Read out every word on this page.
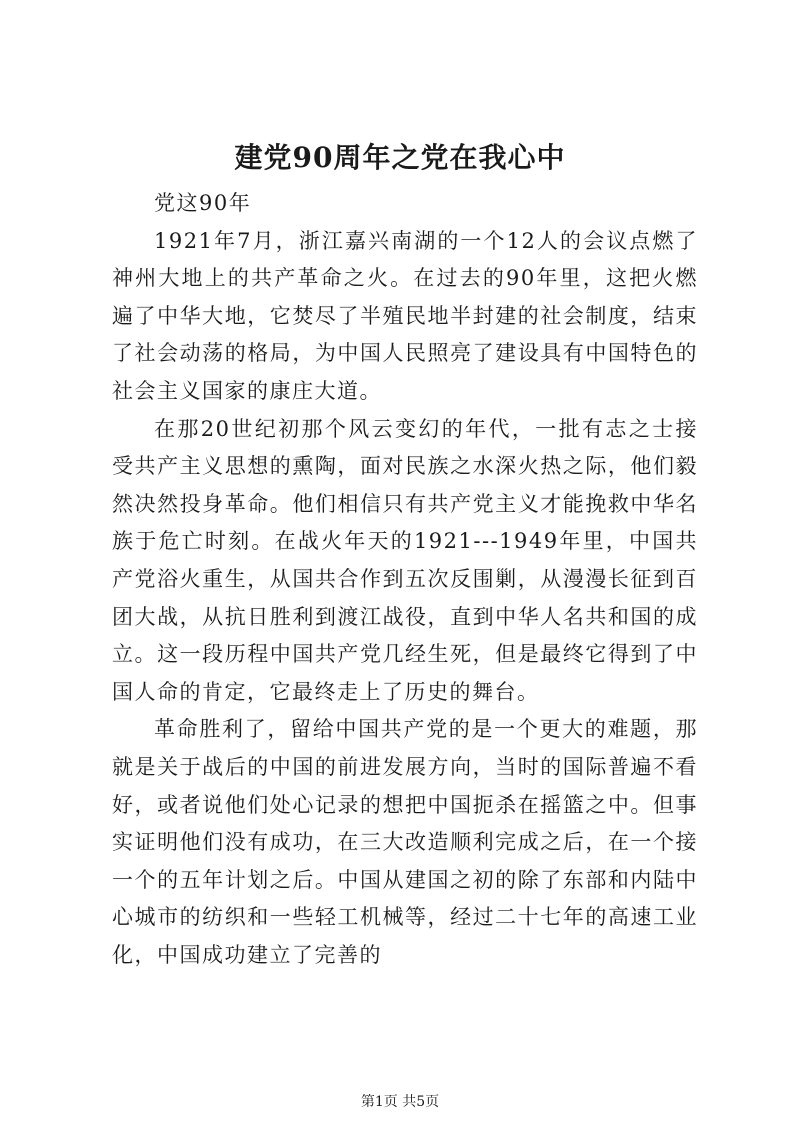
建党90周年之党在我心中

党这90年

1921年7月，浙江嘉兴南湖的一个12人的会议点燃了神州大地上的共产革命之火。在过去的90年里，这把火燃遍了中华大地，它焚尽了半殖民地半封建的社会制度，结束了社会动荡的格局，为中国人民照亮了建设具有中国特色的社会主义国家的康庄大道。

在那20世纪初那个风云变幻的年代，一批有志之士接受共产主义思想的熏陶，面对民族之水深火热之际，他们毅然决然投身革命。他们相信只有共产党主义才能挽救中华名族于危亡时刻。在战火年天的1921---1949年里，中国共产党浴火重生，从国共合作到五次反围剿，从漫漫长征到百团大战，从抗日胜利到渡江战役，直到中华人名共和国的成立。这一段历程中国共产党几经生死，但是最终它得到了中国人命的肯定，它最终走上了历史的舞台。

革命胜利了，留给中国共产党的是一个更大的难题，那就是关于战后的中国的前进发展方向，当时的国际普遍不看好，或者说他们处心记录的想把中国扼杀在摇篮之中。但事实证明他们没有成功，在三大改造顺利完成之后，在一个接一个的五年计划之后。中国从建国之初的除了东部和内陆中心城市的纺织和一些轻工机械等，经过二十七年的高速工业化，中国成功建立了完善的

第1页 共5页
